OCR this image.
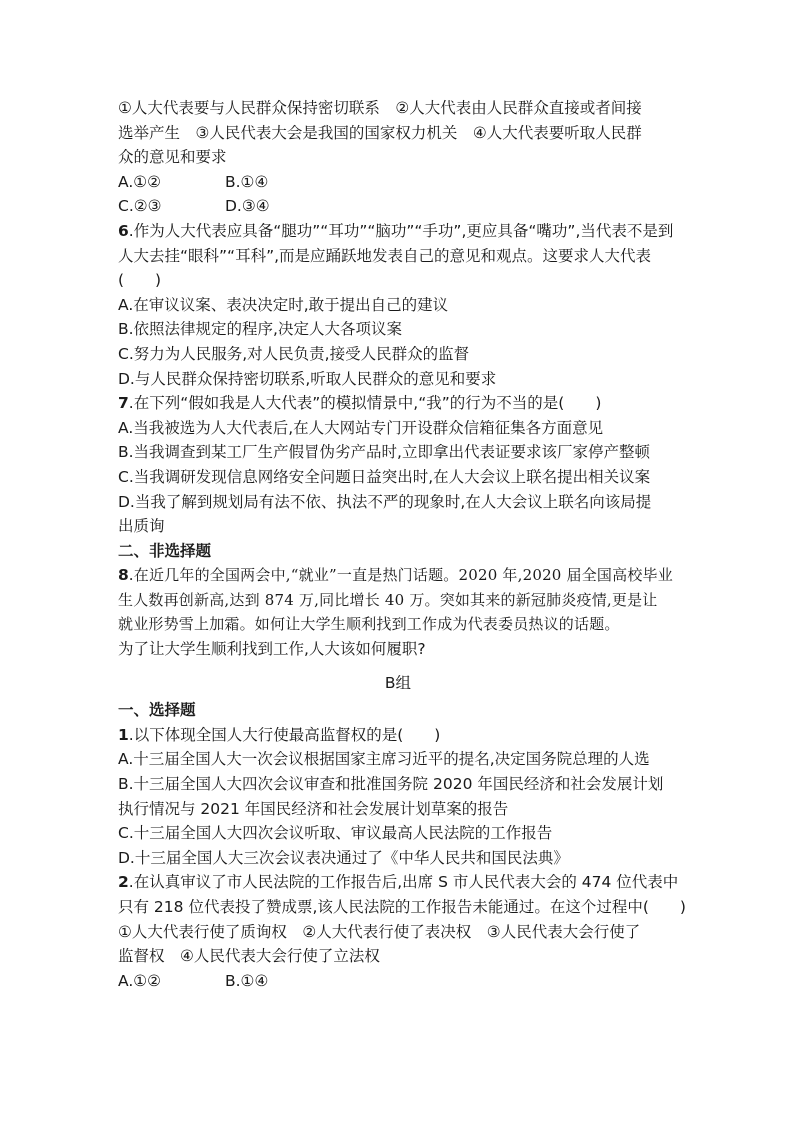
①人大代表要与人民群众保持密切联系　②人大代表由人民群众直接或者间接
选举产生　③人民代表大会是我国的国家权力机关　④人大代表要听取人民群
众的意见和要求
A.①②	B.①④
C.②③	D.③④
6.作为人大代表应具备“腿功”“耳功”“脑功”“手功”,更应具备“嘴功”,当代表不是到
人大去挂“眼科”“耳科”,而是应踊跃地发表自己的意见和观点。这要求人大代表
(　　)
A.在审议议案、表决决定时,敢于提出自己的建议
B.依照法律规定的程序,决定人大各项议案
C.努力为人民服务,对人民负责,接受人民群众的监督
D.与人民群众保持密切联系,听取人民群众的意见和要求
7.在下列“假如我是人大代表”的模拟情景中,“我”的行为不当的是(　　)
A.当我被选为人大代表后,在人大网站专门开设群众信箱征集各方面意见
B.当我调查到某工厂生产假冒伪劣产品时,立即拿出代表证要求该厂家停产整顿
C.当我调研发现信息网络安全问题日益突出时,在人大会议上联名提出相关议案
D.当我了解到规划局有法不依、执法不严的现象时,在人大会议上联名向该局提
出质询
二、非选择题
8.在近几年的全国两会中,“就业”一直是热门话题。2020 年,2020 届全国高校毕业
生人数再创新高,达到 874 万,同比增长 40 万。突如其来的新冠肺炎疫情,更是让
就业形势雪上加霜。如何让大学生顺利找到工作成为代表委员热议的话题。
为了让大学生顺利找到工作,人大该如何履职?
B组
一、选择题
1.以下体现全国人大行使最高监督权的是(　　)
A.十三届全国人大一次会议根据国家主席习近平的提名,决定国务院总理的人选
B.十三届全国人大四次会议审查和批准国务院 2020 年国民经济和社会发展计划
执行情况与 2021 年国民经济和社会发展计划草案的报告
C.十三届全国人大四次会议听取、审议最高人民法院的工作报告
D.十三届全国人大三次会议表决通过了《中华人民共和国民法典》
2.在认真审议了市人民法院的工作报告后,出席 S 市人民代表大会的 474 位代表中
只有 218 位代表投了赞成票,该人民法院的工作报告未能通过。在这个过程中(　　)
①人大代表行使了质询权　②人大代表行使了表决权　③人民代表大会行使了
监督权　④人民代表大会行使了立法权
A.①②	B.①④
